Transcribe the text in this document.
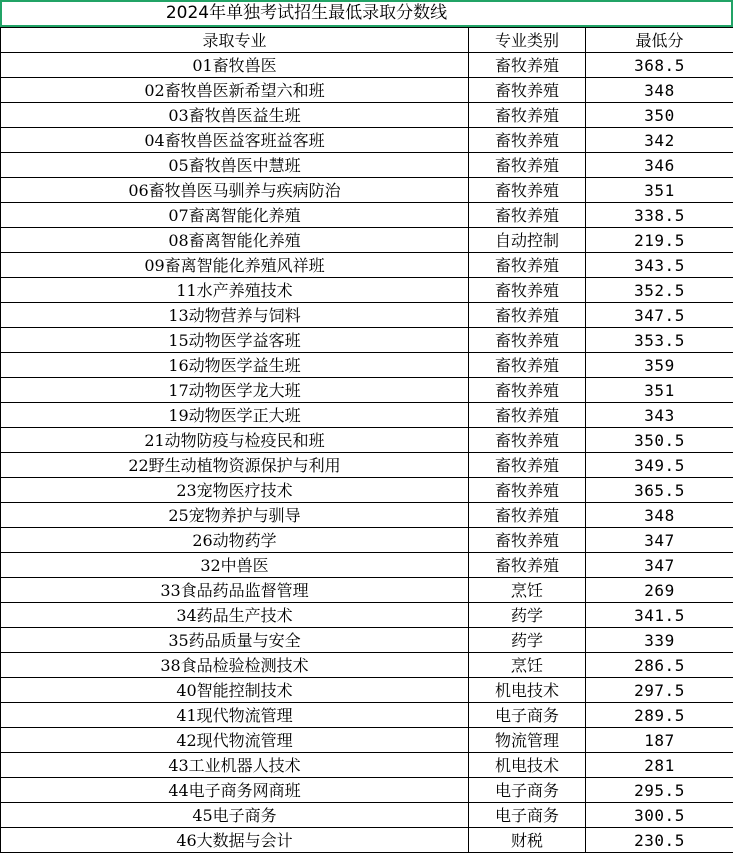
2024年单独考试招生最低录取分数线
录取专业	专业类别	最低分
01畜牧兽医	畜牧养殖	368.5
02畜牧兽医新希望六和班	畜牧养殖	348
03畜牧兽医益生班	畜牧养殖	350
04畜牧兽医益客班益客班	畜牧养殖	342
05畜牧兽医中慧班	畜牧养殖	346
06畜牧兽医马驯养与疾病防治	畜牧养殖	351
07畜离智能化养殖	畜牧养殖	338.5
08畜离智能化养殖	自动控制	219.5
09畜离智能化养殖风祥班	畜牧养殖	343.5
11水产养殖技术	畜牧养殖	352.5
13动物营养与饲料	畜牧养殖	347.5
15动物医学益客班	畜牧养殖	353.5
16动物医学益生班	畜牧养殖	359
17动物医学龙大班	畜牧养殖	351
19动物医学正大班	畜牧养殖	343
21动物防疫与检疫民和班	畜牧养殖	350.5
22野生动植物资源保护与利用	畜牧养殖	349.5
23宠物医疗技术	畜牧养殖	365.5
25宠物养护与驯导	畜牧养殖	348
26动物药学	畜牧养殖	347
32中兽医	畜牧养殖	347
33食品药品监督管理	烹饪	269
34药品生产技术	药学	341.5
35药品质量与安全	药学	339
38食品检验检测技术	烹饪	286.5
40智能控制技术	机电技术	297.5
41现代物流管理	电子商务	289.5
42现代物流管理	物流管理	187
43工业机器人技术	机电技术	281
44电子商务网商班	电子商务	295.5
45电子商务	电子商务	300.5
46大数据与会计	财税	230.5
